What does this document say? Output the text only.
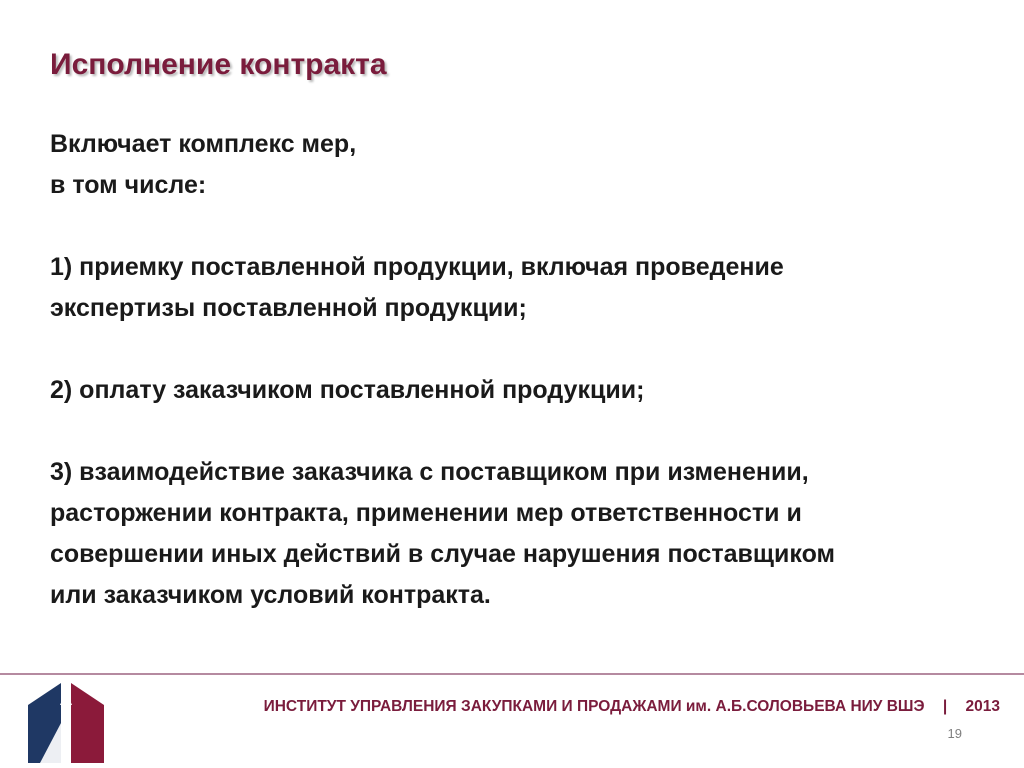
Исполнение контракта

Включает комплекс мер,

в том числе:

1) приемку поставленной продукции, включая проведение

экспертизы поставленной продукции;

2) оплату заказчиком поставленной продукции;

3) взаимодействие заказчика с поставщиком при изменении,

расторжении контракта, применении мер ответственности и

совершении иных действий в случае нарушения поставщиком

или заказчиком условий контракта.

ИНСТИТУТ УПРАВЛЕНИЯ ЗАКУПКАМИ И ПРОДАЖАМИ им. А.Б.СОЛОВЬЕВА НИУ ВШЭ | 2013
19
